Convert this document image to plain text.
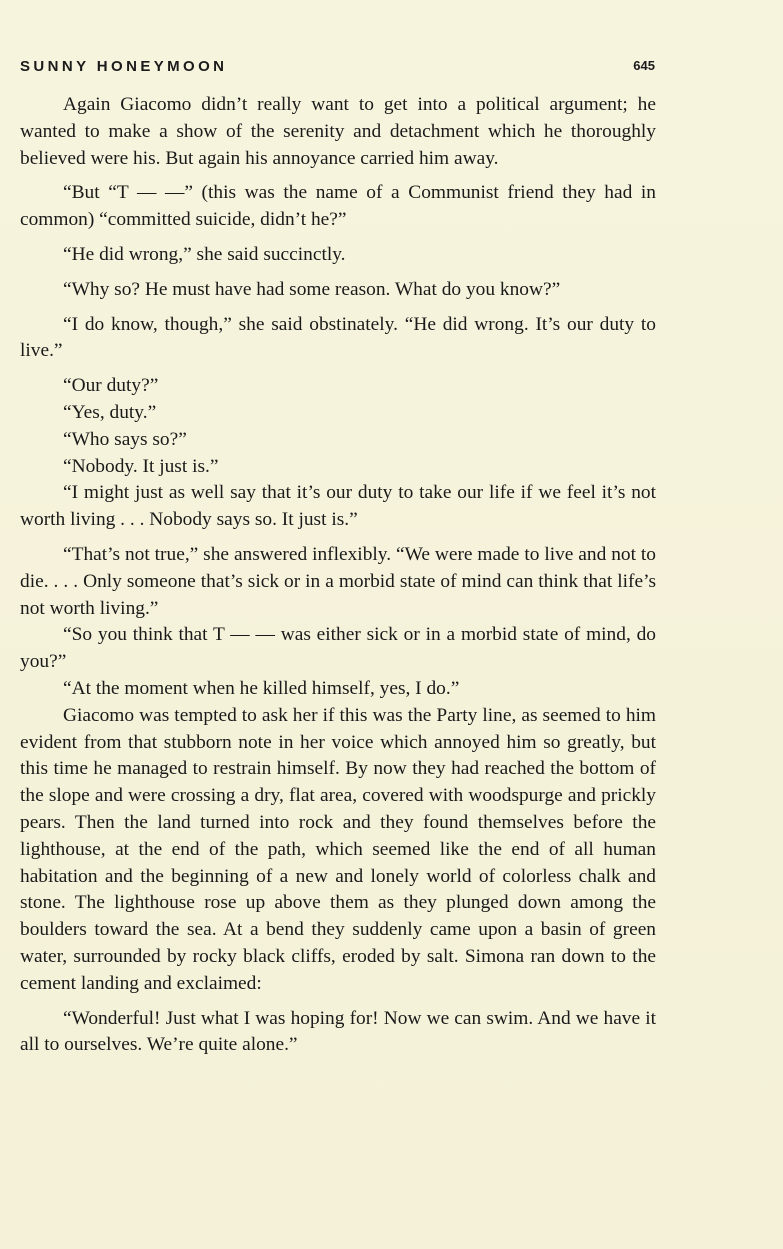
SUNNY HONEYMOON	645

Again Giacomo didn’t really want to get into a political argument; he wanted to make a show of the serenity and detachment which he thoroughly believed were his. But again his annoyance carried him away.

“But “T — —” (this was the name of a Communist friend they had in common) “committed suicide, didn’t he?”

“He did wrong,” she said succinctly.

“Why so? He must have had some reason. What do you know?”

“I do know, though,” she said obstinately. “He did wrong. It’s our duty to live.”

“Our duty?”

“Yes, duty.”

“Who says so?”

“Nobody. It just is.”

“I might just as well say that it’s our duty to take our life if we feel it’s not worth living . . . Nobody says so. It just is.”

“That’s not true,” she answered inflexibly. “We were made to live and not to die. . . . Only someone that’s sick or in a morbid state of mind can think that life’s not worth living.”

“So you think that T — — was either sick or in a morbid state of mind, do you?”

“At the moment when he killed himself, yes, I do.”

Giacomo was tempted to ask her if this was the Party line, as seemed to him evident from that stubborn note in her voice which annoyed him so greatly, but this time he managed to restrain himself. By now they had reached the bottom of the slope and were crossing a dry, flat area, covered with woodspurge and prickly pears. Then the land turned into rock and they found themselves before the lighthouse, at the end of the path, which seemed like the end of all human habitation and the beginning of a new and lonely world of colorless chalk and stone. The lighthouse rose up above them as they plunged down among the boulders toward the sea. At a bend they suddenly came upon a basin of green water, surrounded by rocky black cliffs, eroded by salt. Simona ran down to the cement landing and exclaimed:

“Wonderful! Just what I was hoping for! Now we can swim. And we have it all to ourselves. We’re quite alone.”
